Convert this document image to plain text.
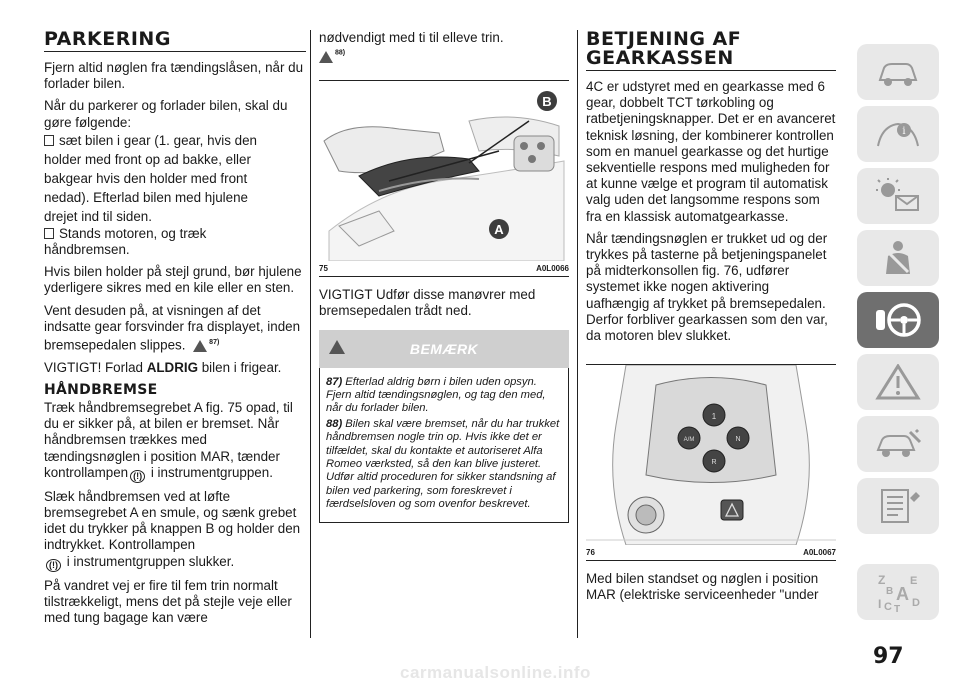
PARKERING

Fjern altid nøglen fra tændingslåsen, når du forlader bilen.

Når du parkerer og forlader bilen, skal du gøre følgende:

sæt bilen i gear (1. gear, hvis den
holder med front op ad bakke, eller
bakgear hvis den holder med front
nedad). Efterlad bilen med hjulene
drejet ind til siden.

Stands motoren, og træk
håndbremsen.

Hvis bilen holder på stejl grund, bør hjulene yderligere sikres med en kile eller en sten.

Vent desuden på, at visningen af det indsatte gear forsvinder fra displayet, inden bremsepedalen slippes.	$^{87)}$

VIGTIGT! Forlad ALDRIG bilen i frigear.

HÅNDBREMSE

Træk håndbremsegrebet A fig. 75 opad, til du er sikker på, at bilen er bremset. Når håndbremsen trækkes med tændingsnøglen i position MAR, tænder kontrollampen (!) i instrumentgruppen.

Slæk håndbremsen ved at løfte bremsegrebet A en smule, og sænk grebet idet du trykker på knappen B og holder den indtrykket. Kontrollampen
(!) i instrumentgruppen slukker.

På vandret vej er fire til fem trin normalt tilstrækkeligt, mens det på stejle veje eller med tung bagage kan være

nødvendigt med ti til elleve trin.

$^{88)}$
A
B
75	A0L0066

VIGTIGT Udfør disse manøvrer med bremsepedalen trådt ned.

BEMÆRK

87) Efterlad aldrig børn i bilen uden opsyn. Fjern altid tændingsnøglen, og tag den med, når du forlader bilen.

88) Bilen skal være bremset, når du har trukket håndbremsen nogle trin op. Hvis ikke det er tilfældet, skal du kontakte et autoriseret Alfa Romeo værksted, så den kan blive justeret. Udfør altid proceduren for sikker standsning af bilen ved parkering, som foreskrevet i færdselsloven og som ovenfor beskrevet.

BETJENING AF
GEARKASSEN

4C er udstyret med en gearkasse med 6 gear, dobbelt TCT tørkobling og ratbetjeningsknapper. Det er en avanceret teknisk løsning, der kombinerer kontrollen som en manuel gearkasse og det hurtige sekventielle respons med muligheden for at kunne vælge et program til automatisk valg uden det langsomme respons som fra en klassisk automatgearkasse.

Når tændingsnøglen er trukket ud og der trykkes på tasterne på betjeningspanelet på midterkonsollen fig. 76, udfører systemet ikke nogen aktivering uafhængig af trykket på bremsepedalen. Derfor forbliver gearkassen som den var, da motoren blev slukket.

1
A/M	N
R
76	A0L0067

Med bilen standset og nøglen i position MAR (elektriske serviceenheder "under

i
Z E
B A
I C T
D
97
carmanualsonline.info
